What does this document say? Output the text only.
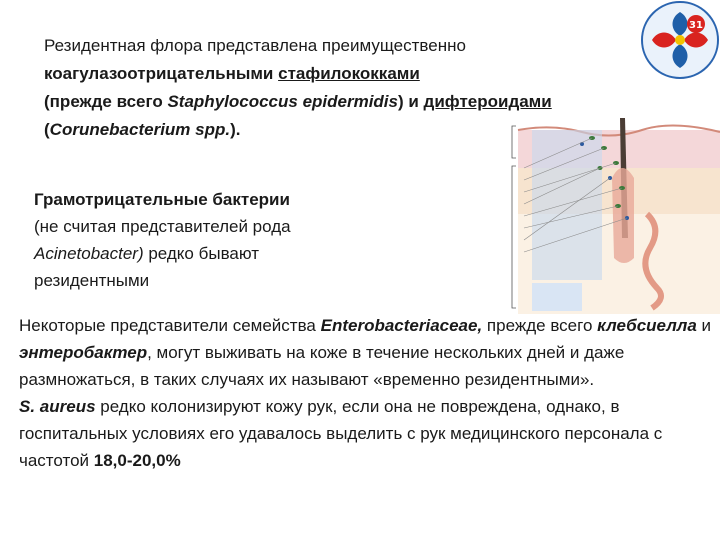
31
Резидентная флора представлена преимущественно
коагулазоотрицательными стафилококками
(прежде всего Staphylococcus epidermidis) и дифтероидами
(Corunebacterium spp.).
Грамотрицательные бактерии
(не считая представителей рода
Acinetobacter) редко бывают резидентными
Некоторые представители семейства Enterobacteriaceae, прежде всего клебсиелла и энтеробактер, могут выживать на коже в течение нескольких дней и даже размножаться, в таких случаях их называют «временно резидентными».
S. aureus редко колонизируют кожу рук, если она не повреждена, однако, в госпитальных условиях его удавалось выделить с рук медицинского персонала с частотой 18,0-20,0%
